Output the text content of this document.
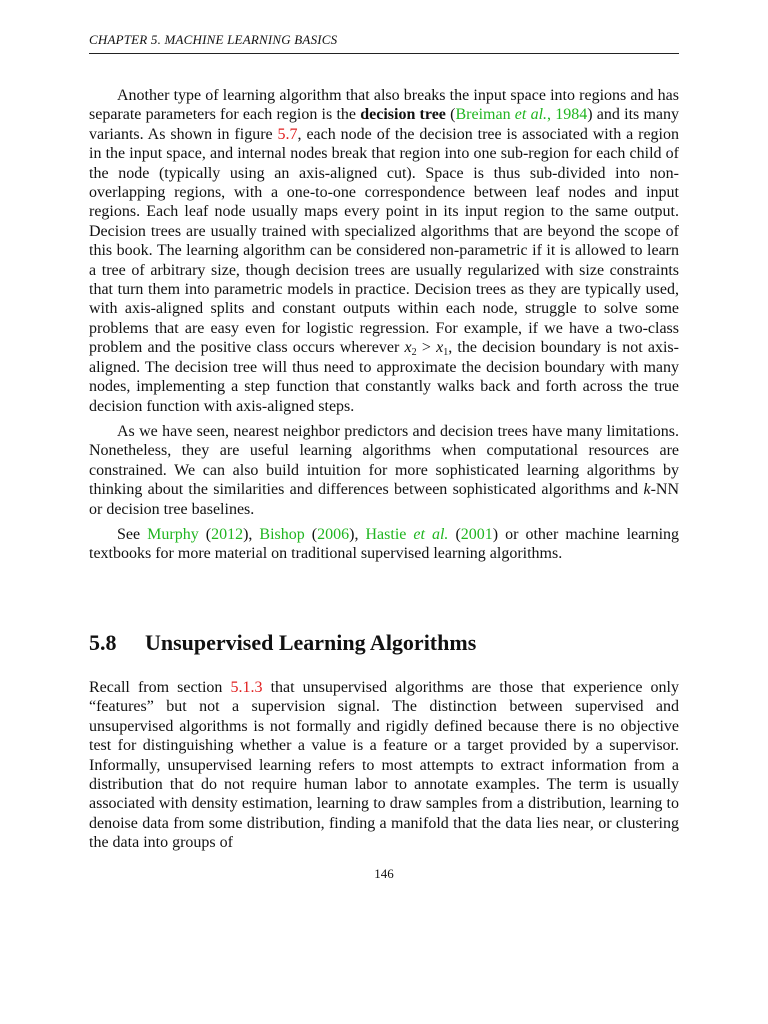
CHAPTER 5. MACHINE LEARNING BASICS

Another type of learning algorithm that also breaks the input space into regions and has separate parameters for each region is the decision tree (Breiman et al., 1984) and its many variants. As shown in figure 5.7, each node of the decision tree is associated with a region in the input space, and internal nodes break that region into one sub-region for each child of the node (typically using an axis-aligned cut). Space is thus sub-divided into non-overlapping regions, with a one-to-one correspondence between leaf nodes and input regions. Each leaf node usually maps every point in its input region to the same output. Decision trees are usually trained with specialized algorithms that are beyond the scope of this book. The learning algorithm can be considered non-parametric if it is allowed to learn a tree of arbitrary size, though decision trees are usually regularized with size constraints that turn them into parametric models in practice. Decision trees as they are typically used, with axis-aligned splits and constant outputs within each node, struggle to solve some problems that are easy even for logistic regression. For example, if we have a two-class problem and the positive class occurs wherever $x_2 > x_1$, the decision boundary is not axis-aligned. The decision tree will thus need to approximate the decision boundary with many nodes, implementing a step function that constantly walks back and forth across the true decision function with axis-aligned steps.

As we have seen, nearest neighbor predictors and decision trees have many limitations. Nonetheless, they are useful learning algorithms when computational resources are constrained. We can also build intuition for more sophisticated learning algorithms by thinking about the similarities and differences between sophisticated algorithms and k-NN or decision tree baselines.

See Murphy (2012), Bishop (2006), Hastie et al. (2001) or other machine learning textbooks for more material on traditional supervised learning algorithms.

5.8 Unsupervised Learning Algorithms

Recall from section 5.1.3 that unsupervised algorithms are those that experience only “features” but not a supervision signal. The distinction between supervised and unsupervised algorithms is not formally and rigidly defined because there is no objective test for distinguishing whether a value is a feature or a target provided by a supervisor. Informally, unsupervised learning refers to most attempts to extract information from a distribution that do not require human labor to annotate examples. The term is usually associated with density estimation, learning to draw samples from a distribution, learning to denoise data from some distribution, finding a manifold that the data lies near, or clustering the data into groups of

146
